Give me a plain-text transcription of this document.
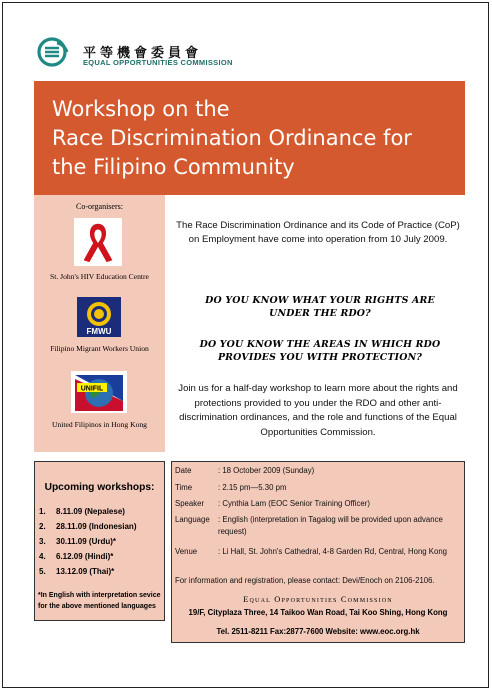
平等機會委員會
EQUAL OPPORTUNITIES COMMISSION
Workshop on the
Race Discrimination Ordinance for
the Filipino Community
Co-organisers:
St. John's HIV Education Centre
FMWU
Filipino Migrant Workers Union
UNIFIL
United Filipinos in Hong Kong
The Race Discrimination Ordinance and its Code of Practice (CoP) on Employment have come into operation from 10 July 2009.
DO YOU KNOW WHAT YOUR RIGHTS ARE
UNDER THE RDO?
DO YOU KNOW THE AREAS IN WHICH RDO
PROVIDES YOU WITH PROTECTION?
Join us for a half-day workshop to learn more about the rights and protections provided to you under the RDO and other anti-discrimination ordinances, and the role and functions of the Equal Opportunities Commission.
Upcoming workshops:
1. 8.11.09 (Nepalese)
2. 28.11.09 (Indonesian)
3. 30.11.09 (Urdu)*
4. 6.12.09 (Hindi)*
5. 13.12.09 (Thai)*
*In English with interpretation sevice for the above mentioned languages
Date	: 18 October 2009 (Sunday)
Time	: 2.15 pm—5.30 pm
Speaker : Cynthia Lam (EOC Senior Training Officer)
Language : English (interpretation in Tagalog will be provided upon advance request)
Venue	: Li Hall, St. John's Cathedral, 4-8 Garden Rd, Central, Hong Kong
For information and registration, please contact: Devi/Enoch on 2106-2106.
Equal Opportunities Commission
19/F, Cityplaza Three, 14 Taikoo Wan Road, Tai Koo Shing, Hong Kong
Tel. 2511-8211 Fax:2877-7600 Website: www.eoc.org.hk
